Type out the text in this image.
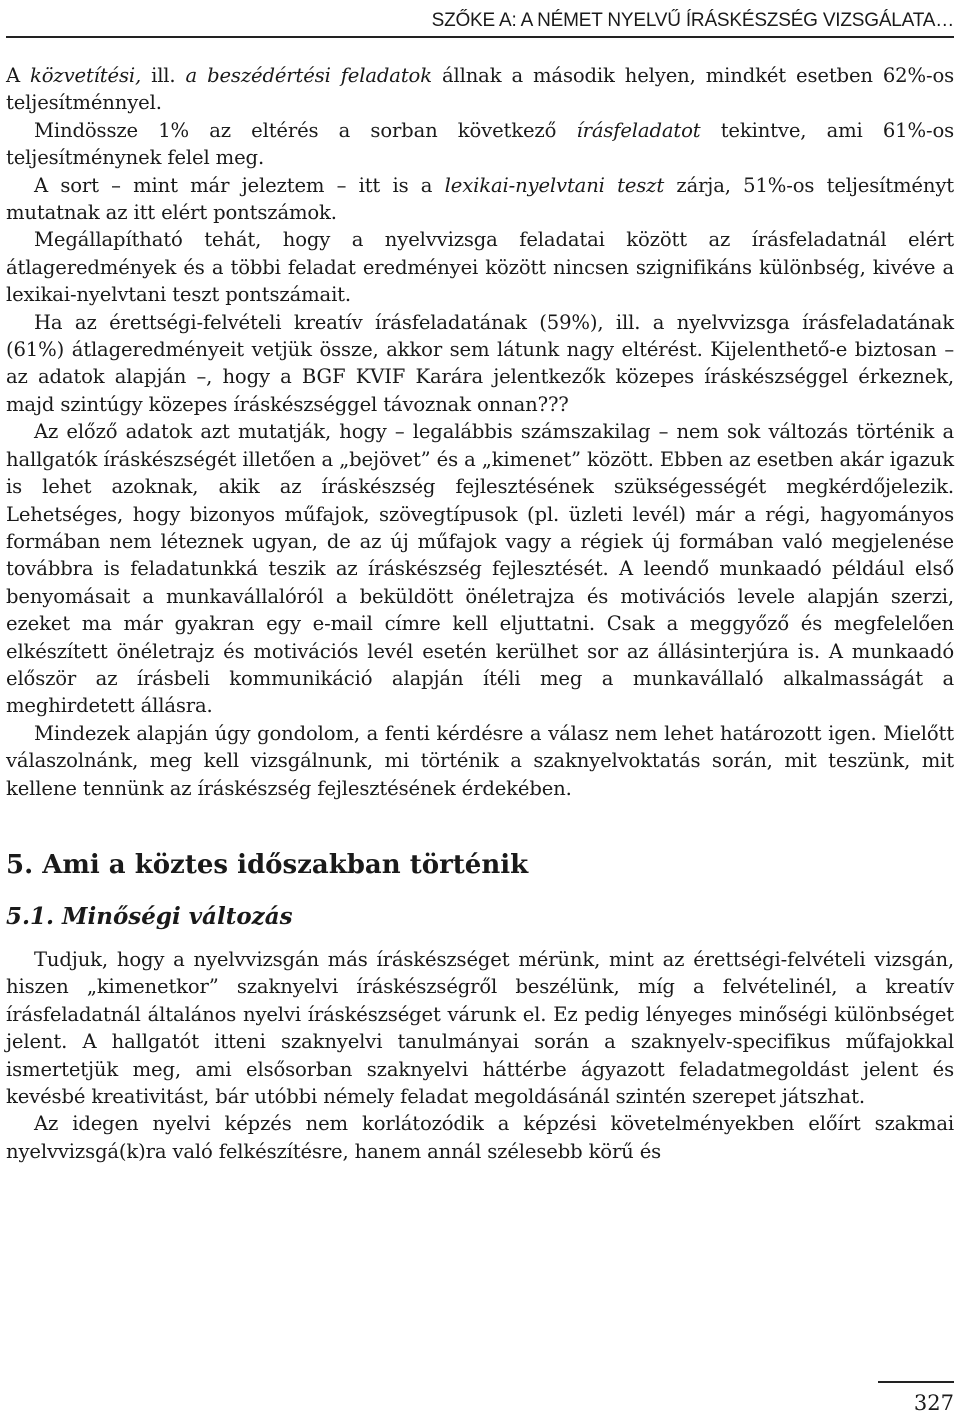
SZŐKE A: A NÉMET NYELVŰ ÍRÁSKÉSZSÉG VIZSGÁLATA…

A közvetítési, ill. a beszédértési feladatok állnak a második helyen, mindkét esetben 62%-os teljesítménnyel.

Mindössze 1% az eltérés a sorban következő írásfeladatot tekintve, ami 61%-os teljesítménynek felel meg.

A sort – mint már jeleztem – itt is a lexikai-nyelvtani teszt zárja, 51%-os teljesítményt mutatnak az itt elért pontszámok.

Megállapítható tehát, hogy a nyelvvizsga feladatai között az írásfeladatnál elért átlageredmények és a többi feladat eredményei között nincsen szignifikáns különbség, kivéve a lexikai-nyelvtani teszt pontszámait.

Ha az érettségi-felvételi kreatív írásfeladatának (59%), ill. a nyelvvizsga írásfeladatának (61%) átlageredményeit vetjük össze, akkor sem látunk nagy eltérést. Kijelenthető-e biztosan – az adatok alapján –, hogy a BGF KVIF Karára jelentkezők közepes íráskészséggel érkeznek, majd szintúgy közepes íráskészséggel távoznak onnan???

Az előző adatok azt mutatják, hogy – legalábbis számszakilag – nem sok változás történik a hallgatók íráskészségét illetően a „bejövet” és a „kimenet” között. Ebben az esetben akár igazuk is lehet azoknak, akik az íráskészség fejlesztésének szükségességét megkérdőjelezik. Lehetséges, hogy bizonyos műfajok, szövegtípusok (pl. üzleti levél) már a régi, hagyományos formában nem léteznek ugyan, de az új műfajok vagy a régiek új formában való megjelenése továbbra is feladatunkká teszik az íráskészség fejlesztését. A leendő munkaadó például első benyomásait a munkavállalóról a beküldött önéletrajza és motivációs levele alapján szerzi, ezeket ma már gyakran egy e-mail címre kell eljuttatni. Csak a meggyőző és megfelelően elkészített önéletrajz és motivációs levél esetén kerülhet sor az állásinterjúra is. A munkaadó először az írásbeli kommunikáció alapján ítéli meg a munkavállaló alkalmasságát a meghirdetett állásra.

Mindezek alapján úgy gondolom, a fenti kérdésre a válasz nem lehet határozott igen. Mielőtt válaszolnánk, meg kell vizsgálnunk, mi történik a szaknyelvoktatás során, mit teszünk, mit kellene tennünk az íráskészség fejlesztésének érdekében.

5. Ami a köztes időszakban történik
5.1. Minőségi változás

Tudjuk, hogy a nyelvvizsgán más íráskészséget mérünk, mint az érettségi-felvételi vizsgán, hiszen „kimenetkor” szaknyelvi íráskészségről beszélünk, míg a felvételinél, a kreatív írásfeladatnál általános nyelvi íráskészséget várunk el. Ez pedig lényeges minőségi különbséget jelent. A hallgatót itteni szaknyelvi tanulmányai során a szaknyelv-specifikus műfajokkal ismertetjük meg, ami elsősorban szaknyelvi háttérbe ágyazott feladatmegoldást jelent és kevésbé kreativitást, bár utóbbi némely feladat megoldásánál szintén szerepet játszhat.

Az idegen nyelvi képzés nem korlátozódik a képzési követelményekben előírt szakmai nyelvvizsgá(k)ra való felkészítésre, hanem annál szélesebb körű és

327
